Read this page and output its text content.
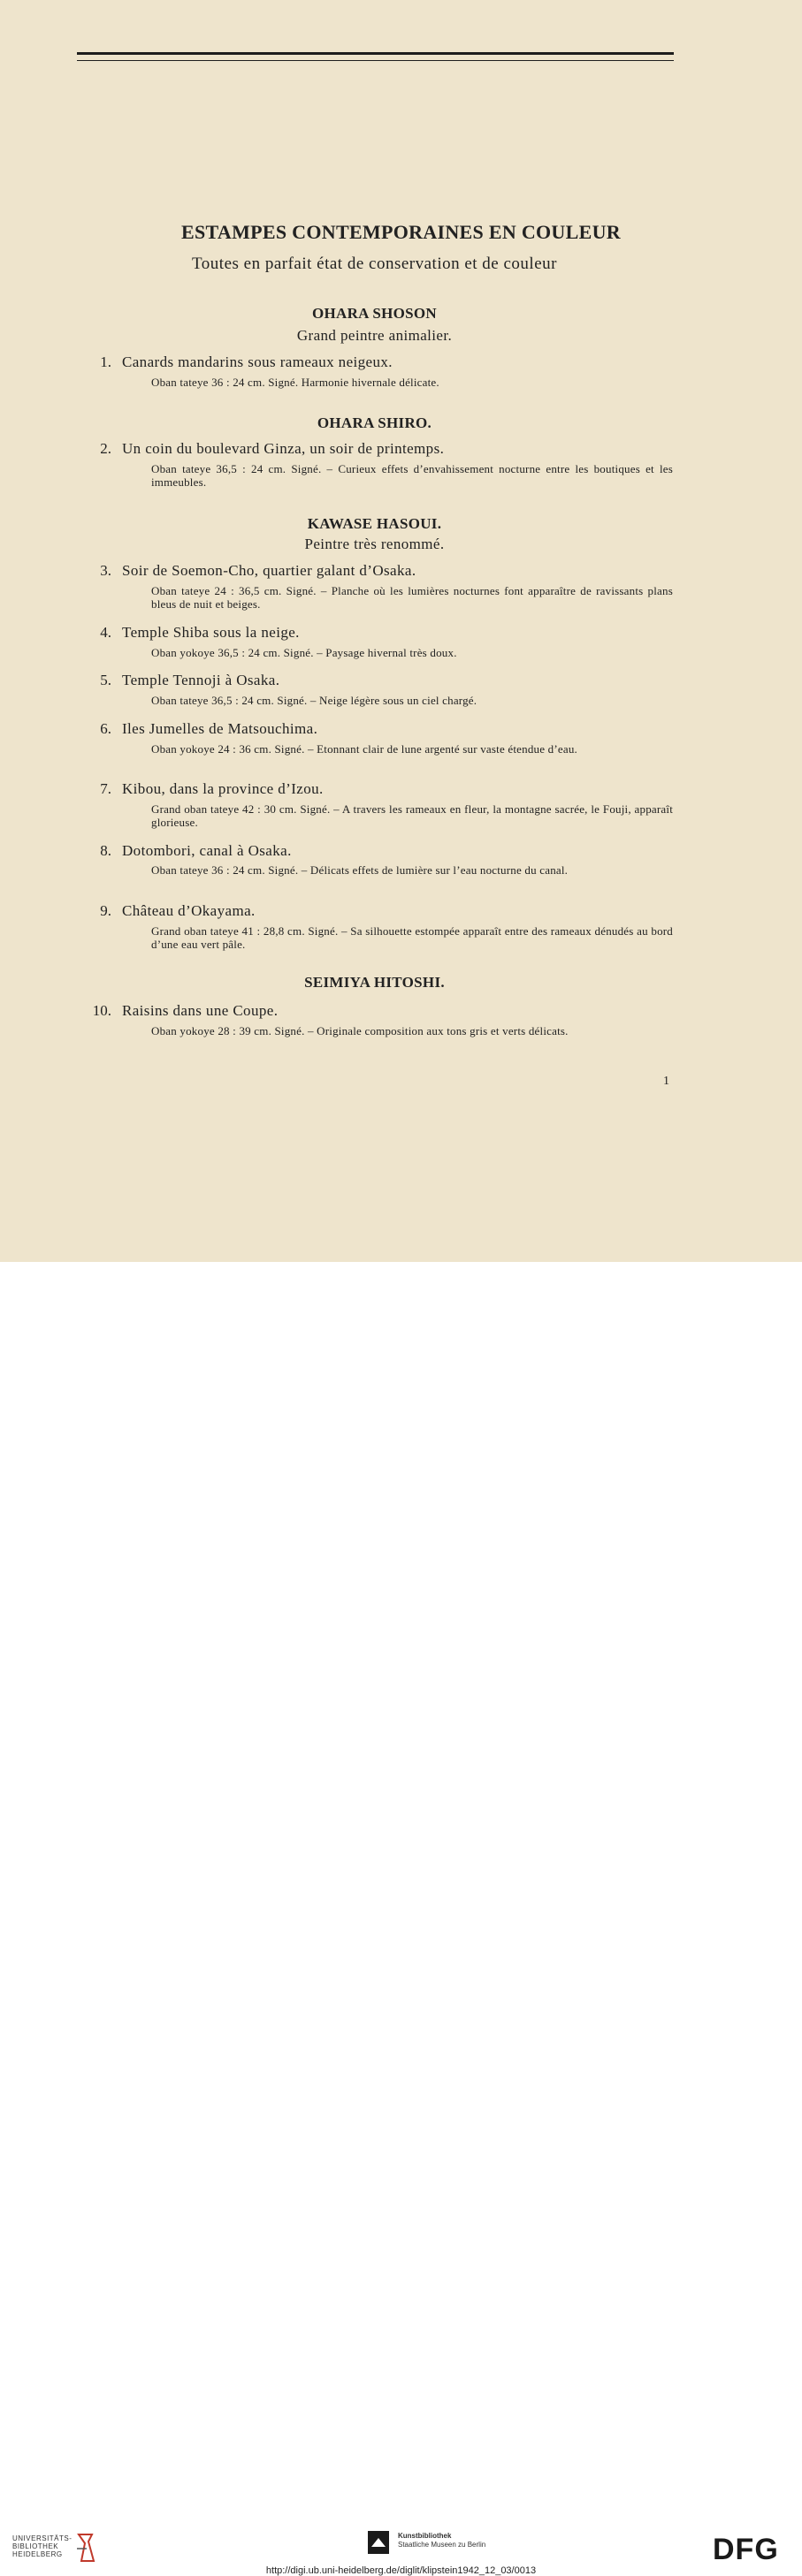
ESTAMPES CONTEMPORAINES EN COULEUR
Toutes en parfait état de conservation et de couleur
OHARA SHOSON
Grand peintre animalier.
1. Canards mandarins sous rameaux neigeux.
Oban tateye 36 : 24 cm. Signé. Harmonie hivernale délicate.
OHARA SHIRO.
2. Un coin du boulevard Ginza, un soir de printemps.
Oban tateye 36,5 : 24 cm. Signé. – Curieux effets d’envahissement nocturne entre les boutiques et les immeubles.
KAWASE HASOUI.
Peintre très renommé.
3. Soir de Soemon-Cho, quartier galant d’Osaka.
Oban tateye 24 : 36,5 cm. Signé. – Planche où les lumières nocturnes font apparaître de ravissants plans bleus de nuit et beiges.
4. Temple Shiba sous la neige.
Oban yokoye 36,5 : 24 cm. Signé. – Paysage hivernal très doux.
5. Temple Tennoji à Osaka.
Oban tateye 36,5 : 24 cm. Signé. – Neige légère sous un ciel chargé.
6. Iles Jumelles de Matsouchima.
Oban yokoye 24 : 36 cm. Signé. – Etonnant clair de lune argenté sur vaste étendue d’eau.
7. Kibou, dans la province d’Izou.
Grand oban tateye 42 : 30 cm. Signé. – A travers les rameaux en fleur, la montagne sacrée, le Fouji, apparaît glorieuse.
8. Dotombori, canal à Osaka.
Oban tateye 36 : 24 cm. Signé. – Délicats effets de lumière sur l’eau nocturne du canal.
9. Château d’Okayama.
Grand oban tateye 41 : 28,8 cm. Signé. – Sa silhouette estompée apparaît entre des rameaux dénudés au bord d’une eau vert pâle.
SEIMIYA HITOSHI.
10. Raisins dans une Coupe.
Oban yokoye 28 : 39 cm. Signé. – Originale composition aux tons gris et verts délicats.
1
UNIVERSITÄTS-
BIBLIOTHEK
HEIDELBERG
Kunstbibliothek
Staatliche Museen zu Berlin	DFG
http://digi.ub.uni-heidelberg.de/diglit/klipstein1942_12_03/0013
